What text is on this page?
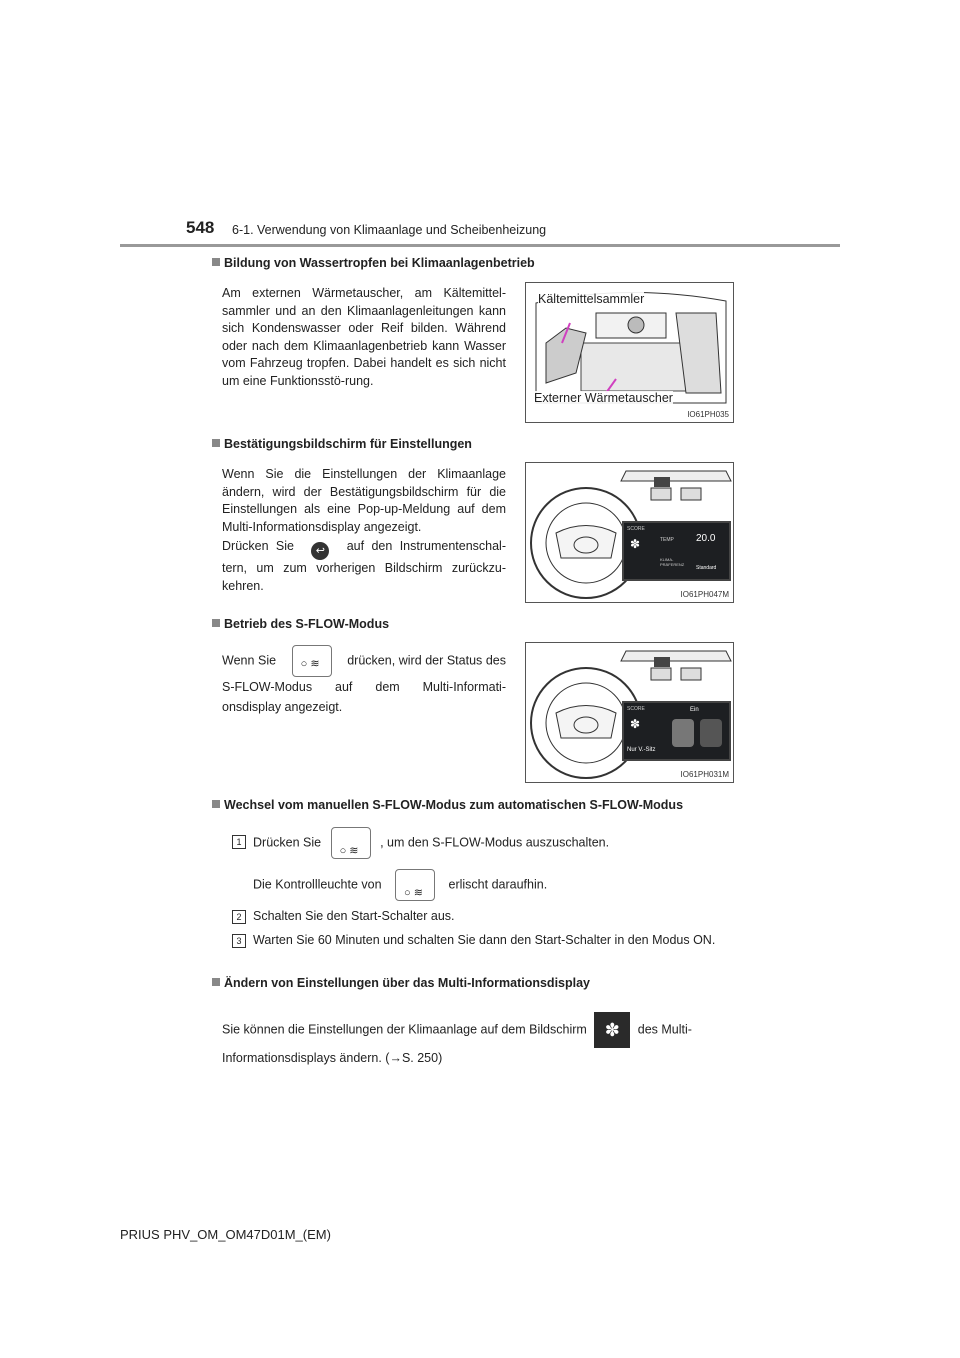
548 6-1. Verwendung von Klimaanlage und Scheibenheizung
Bildung von Wassertropfen bei Klimaanlagenbetrieb
Am externen Wärmetauscher, am Kältemittel-sammler und an den Klimaanlagenleitungen kann sich Kondenswasser oder Reif bilden. Während oder nach dem Klimaanlagenbetrieb kann Wasser vom Fahrzeug tropfen. Dabei handelt es sich nicht um eine Funktionsstö-rung.
Kältemittelsammler
Externer Wärmetauscher
IO61PH035
Bestätigungsbildschirm für Einstellungen
Wenn Sie die Einstellungen der Klimaanlage ändern, wird der Bestätigungsbildschirm für die Einstellungen als eine Pop-up-Meldung auf dem Multi-Informationsdisplay angezeigt.
Drücken Sie ↩ auf den Instrumentenschal-tern, um zum vorherigen Bildschirm zurückzu-kehren.
SCORE
TEMP 20.0
KLIMA-PRÄFERENZ
Standard
✽
IO61PH047M
Betrieb des S-FLOW-Modus
Wenn Sie ○ ≋ drücken, wird der Status des S-FLOW-Modus auf dem Multi-Informati-onsdisplay angezeigt.	SCORE	Ein
Nur V.-Sitz
✽
IO61PH031M
Wechsel vom manuellen S-FLOW-Modus zum automatischen S-FLOW-Modus
1 Drücken Sie
○ ≋
, um den S-FLOW-Modus auszuschalten.
Die Kontrollleuchte von
○ ≋
erlischt daraufhin.
2 Schalten Sie den Start-Schalter aus.
3 Warten Sie 60 Minuten und schalten Sie dann den Start-Schalter in den Modus ON.
Ändern von Einstellungen über das Multi-Informationsdisplay
Sie können die Einstellungen der Klimaanlage auf dem Bildschirm ✽ des Multi-
Informationsdisplays ändern. (→S. 250)
PRIUS PHV_OM_OM47D01M_(EM)
